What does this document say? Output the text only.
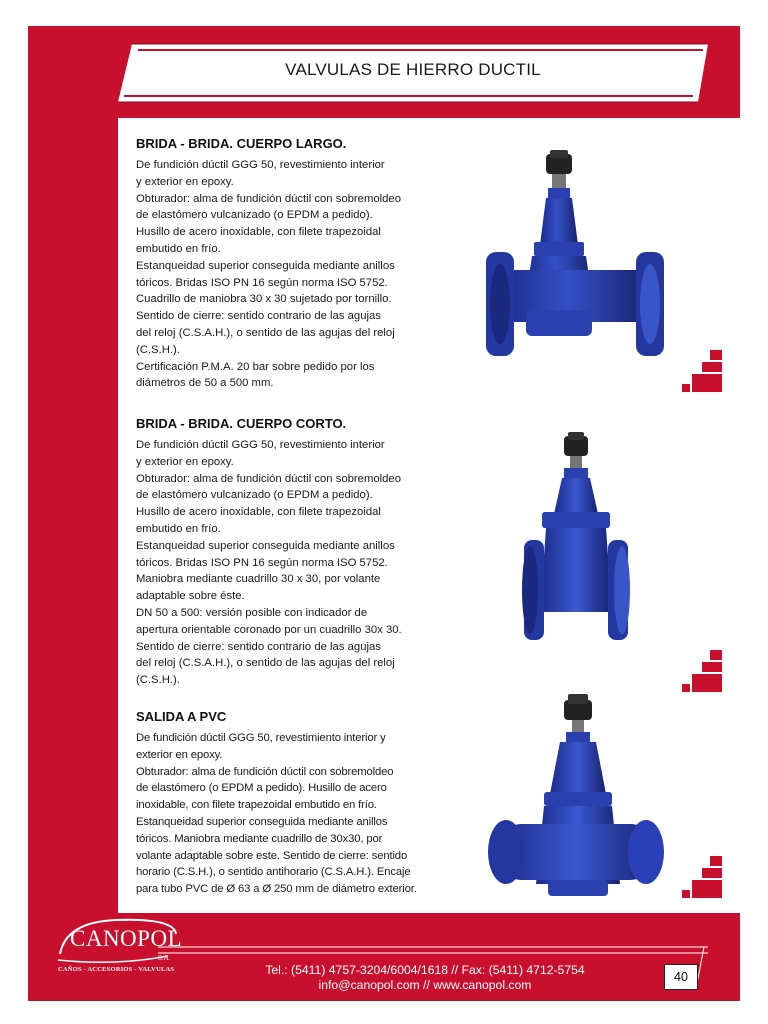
VALVULAS DE HIERRO DUCTIL
BRIDA - BRIDA. CUERPO LARGO.

De fundición dúctil GGG 50, revestimiento interior
y exterior en epoxy.
Obturador: alma de fundición dúctil con sobremoldeo
de elastómero vulcanizado (o EPDM a pedido).
Husillo de acero inoxidable, con filete trapezoidal
embutido en frío.
Estanqueidad superior conseguida mediante anillos
tóricos. Bridas ISO PN 16 según norma ISO 5752.
Cuadrillo de maniobra 30 x 30 sujetado por tornillo.
Sentido de cierre: sentido contrario de las agujas
del reloj (C.S.A.H.), o sentido de las agujas del reloj
(C.S.H.).
Certificación P.M.A. 20 bar sobre pedido por los
diámetros de 50 a 500 mm.

BRIDA - BRIDA. CUERPO CORTO.

De fundición dúctil GGG 50, revestimiento interior
y exterior en epoxy.
Obturador: alma de fundición dúctil con sobremoldeo
de elastómero vulcanizado (o EPDM a pedido).
Husillo de acero inoxidable, con filete trapezoidal
embutido en frío.
Estanqueidad superior conseguida mediante anillos
tóricos. Bridas ISO PN 16 según norma ISO 5752.
Maniobra mediante cuadrillo 30 x 30, por volante
adaptable sobre éste.
DN 50 a 500: versión posible con indicador de
apertura orientable coronado por un cuadrillo 30x 30.
Sentido de cierre: sentido contrario de las agujas
del reloj (C.S.A.H.), o sentido de las agujas del reloj
(C.S.H.).

SALIDA A PVC

De fundición dúctil GGG 50, revestimiento interior y
exterior en epoxy.
Obturador: alma de fundición dúctil con sobremoldeo
de elastómero (o EPDM a pedido). Husillo de acero
inoxidable, con filete trapezoidal embutido en frío.
Estanqueidad superior conseguida mediante anillos
tóricos. Maniobra mediante cuadrillo de 30x30, por
volante adaptable sobre este. Sentido de cierre: sentido
horario (C.S.H.), o sentido antihorario (C.S.A.H.). Encaje
para tubo PVC de Ø 63 a Ø 250 mm de diámetro exterior.

CANOPOL
S.A.
CAÑOS - ACCESORIOS - VALVULAS	Tel.: (5411) 4757-3204/6004/1618 // Fax: (5411) 4712-5754
info@canopol.com // www.canopol.com
40
